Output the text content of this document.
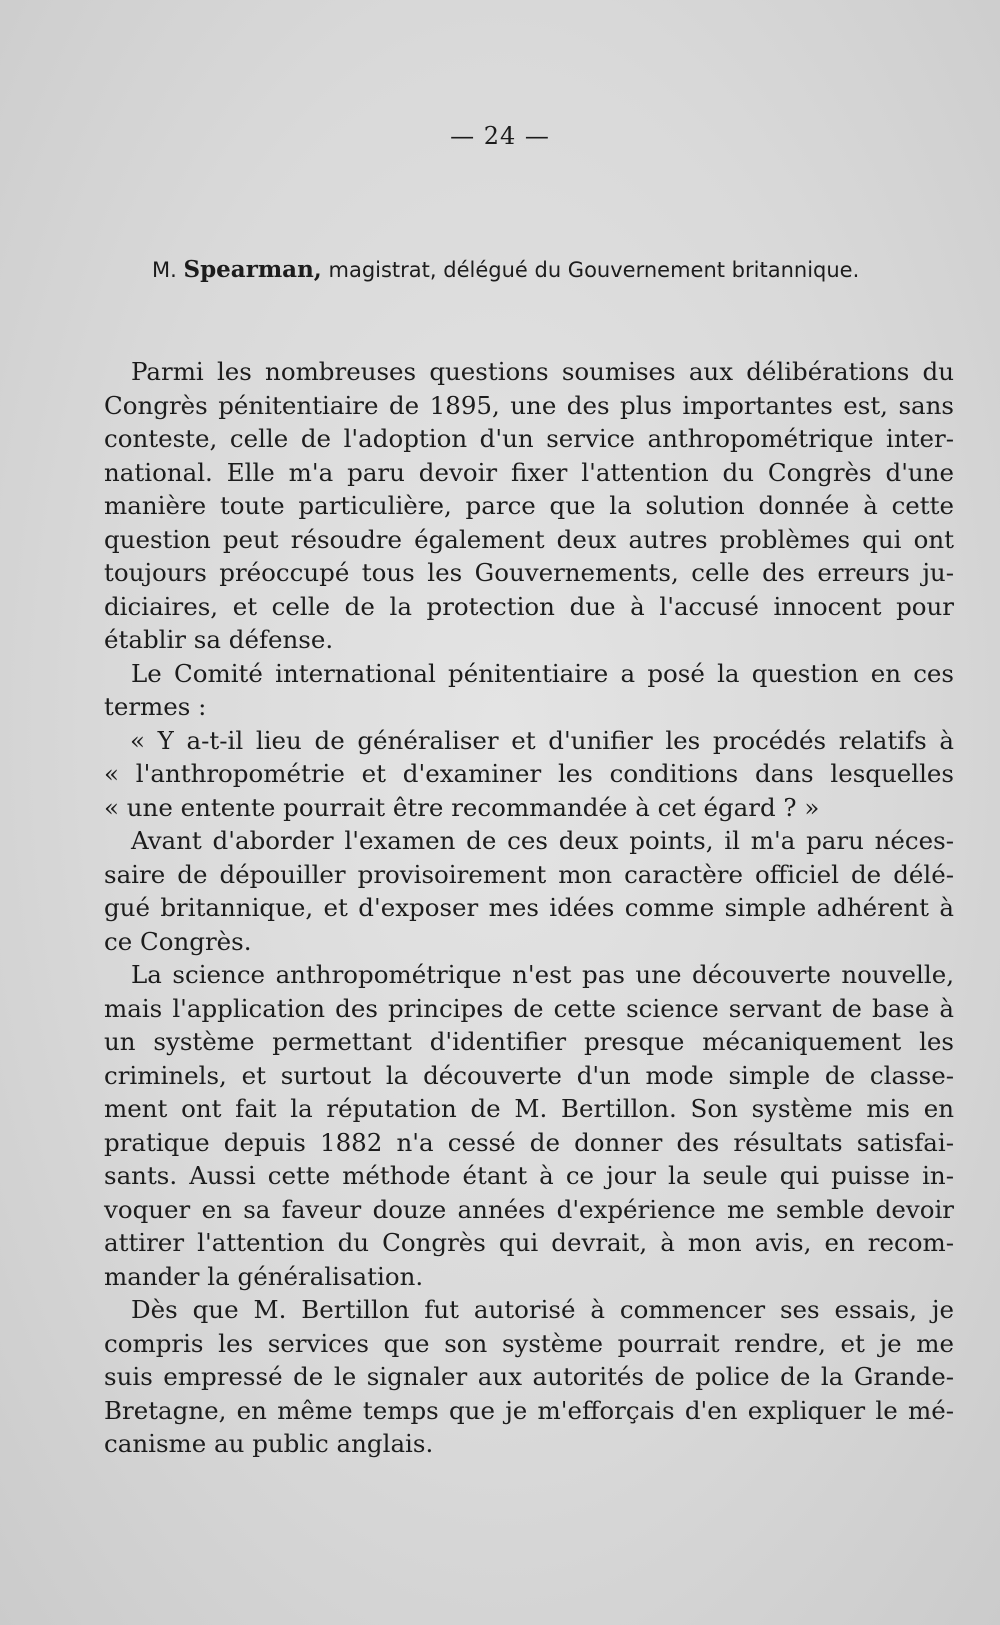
— 24 —
M. Spearman, magistrat, délégué du Gouvernement britannique.
Parmi les nombreuses questions soumises aux délibérations du
Congrès pénitentiaire de 1895, une des plus importantes est, sans
conteste, celle de l'adoption d'un service anthropométrique inter-
national. Elle m'a paru devoir fixer l'attention du Congrès d'une
manière toute particulière, parce que la solution donnée à cette
question peut résoudre également deux autres problèmes qui ont
toujours préoccupé tous les Gouvernements, celle des erreurs ju-
diciaires, et celle de la protection due à l'accusé innocent pour
établir sa défense.
Le Comité international pénitentiaire a posé la question en ces
termes :
« Y a-t-il lieu de généraliser et d'unifier les procédés relatifs à
« l'anthropométrie et d'examiner les conditions dans lesquelles
« une entente pourrait être recommandée à cet égard ? »
Avant d'aborder l'examen de ces deux points, il m'a paru néces-
saire de dépouiller provisoirement mon caractère officiel de délé-
gué britannique, et d'exposer mes idées comme simple adhérent à
ce Congrès.
La science anthropométrique n'est pas une découverte nouvelle,
mais l'application des principes de cette science servant de base à
un système permettant d'identifier presque mécaniquement les
criminels, et surtout la découverte d'un mode simple de classe-
ment ont fait la réputation de M. Bertillon. Son système mis en
pratique depuis 1882 n'a cessé de donner des résultats satisfai-
sants. Aussi cette méthode étant à ce jour la seule qui puisse in-
voquer en sa faveur douze années d'expérience me semble devoir
attirer l'attention du Congrès qui devrait, à mon avis, en recom-
mander la généralisation.
Dès que M. Bertillon fut autorisé à commencer ses essais, je
compris les services que son système pourrait rendre, et je me
suis empressé de le signaler aux autorités de police de la Grande-
Bretagne, en même temps que je m'efforçais d'en expliquer le mé-
canisme au public anglais.
